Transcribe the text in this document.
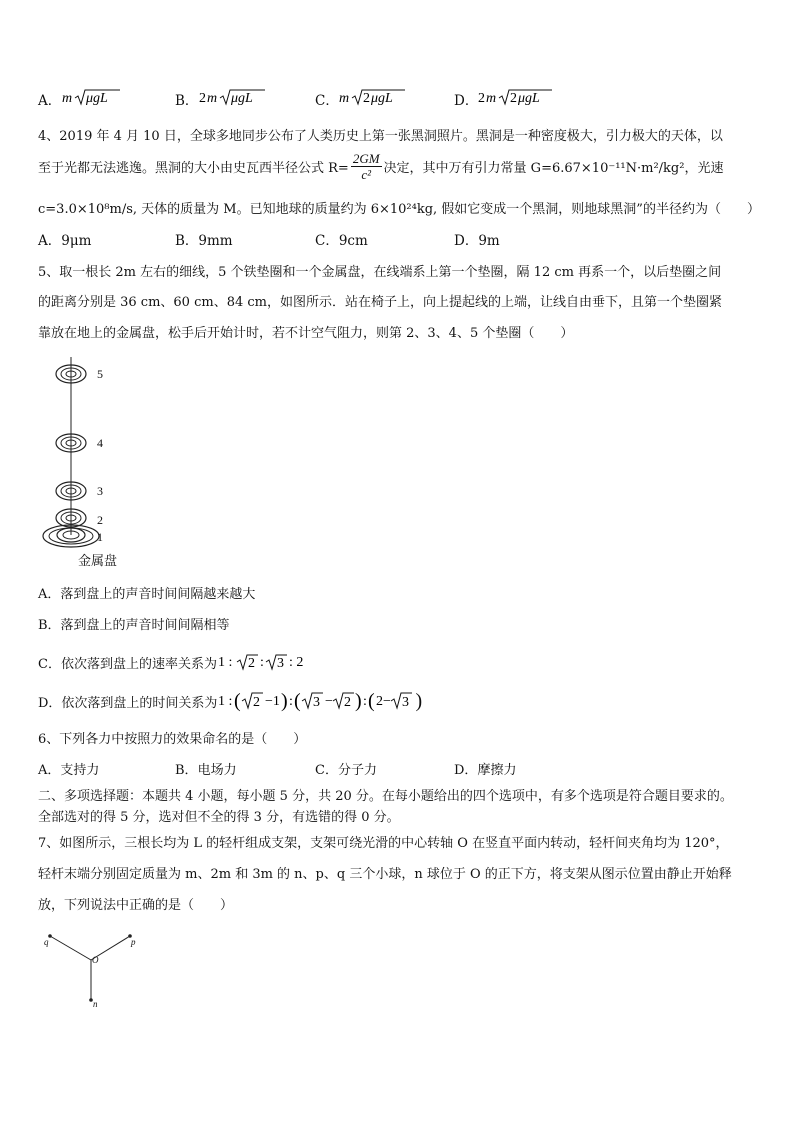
A． m μgL	B． 2 m μgL	C． m 2 μgL	D． 2 m 2 μgL
4、2019 年 4 月 10 日，全球多地同步公布了人类历史上第一张黑洞照片。黑洞是一种密度极大，引力极大的天体，以
至于光都无法逃逸。黑洞的大小由史瓦西半径公式 $R= \frac{2GM}{\text{c²}}$ 决定，其中万有引力常量 G=6.67×10⁻¹¹N·m²/kg²，光速
c=3.0×10⁸m/s, 天体的质量为 M。已知地球的质量约为 6×10²⁴kg, 假如它变成一个黑洞，则地球黑洞”的半径约为（　　）
A．9μm	B．9mm	C．9cm	D．9m
5、取一根长 2m 左右的细线，5 个铁垫圈和一个金属盘，在线端系上第一个垫圈，隔 12 cm 再系一个，以后垫圈之间
的距离分别是 36 cm、60 cm、84 cm，如图所示．站在椅子上，向上提起线的上端，让线自由垂下，且第一个垫圈紧
靠放在地上的金属盘，松手后开始计时，若不计空气阻力，则第 2、3、4、5 个垫圈（　　）
5
4
3
2
1
金属盘
A．落到盘上的声音时间间隔越来越大
B．落到盘上的声音时间间隔相等
C．依次落到盘上的速率关系为 1 : 2 : 3 : 2
D．依次落到盘上的时间关系为 1 : ( 2 −1 ) : ( 3 − 2 ) : ( 2− 3 )
6、下列各力中按照力的效果命名的是（　　）
A．支持力	B．电场力	C．分子力	D．摩擦力
二、多项选择题：本题共 4 小题，每小题 5 分，共 20 分。在每小题给出的四个选项中，有多个选项是符合题目要求的。
全部选对的得 5 分，选对但不全的得 3 分，有选错的得 0 分。
7、如图所示，三根长均为 L 的轻杆组成支架，支架可绕光滑的中心转轴 O 在竖直平面内转动，轻杆间夹角均为 120°，
轻杆末端分别固定质量为 m、2m 和 3m 的 n、p、q 三个小球，n 球位于 O 的正下方，将支架从图示位置由静止开始释
放，下列说法中正确的是（　　）
q	p
O
n
